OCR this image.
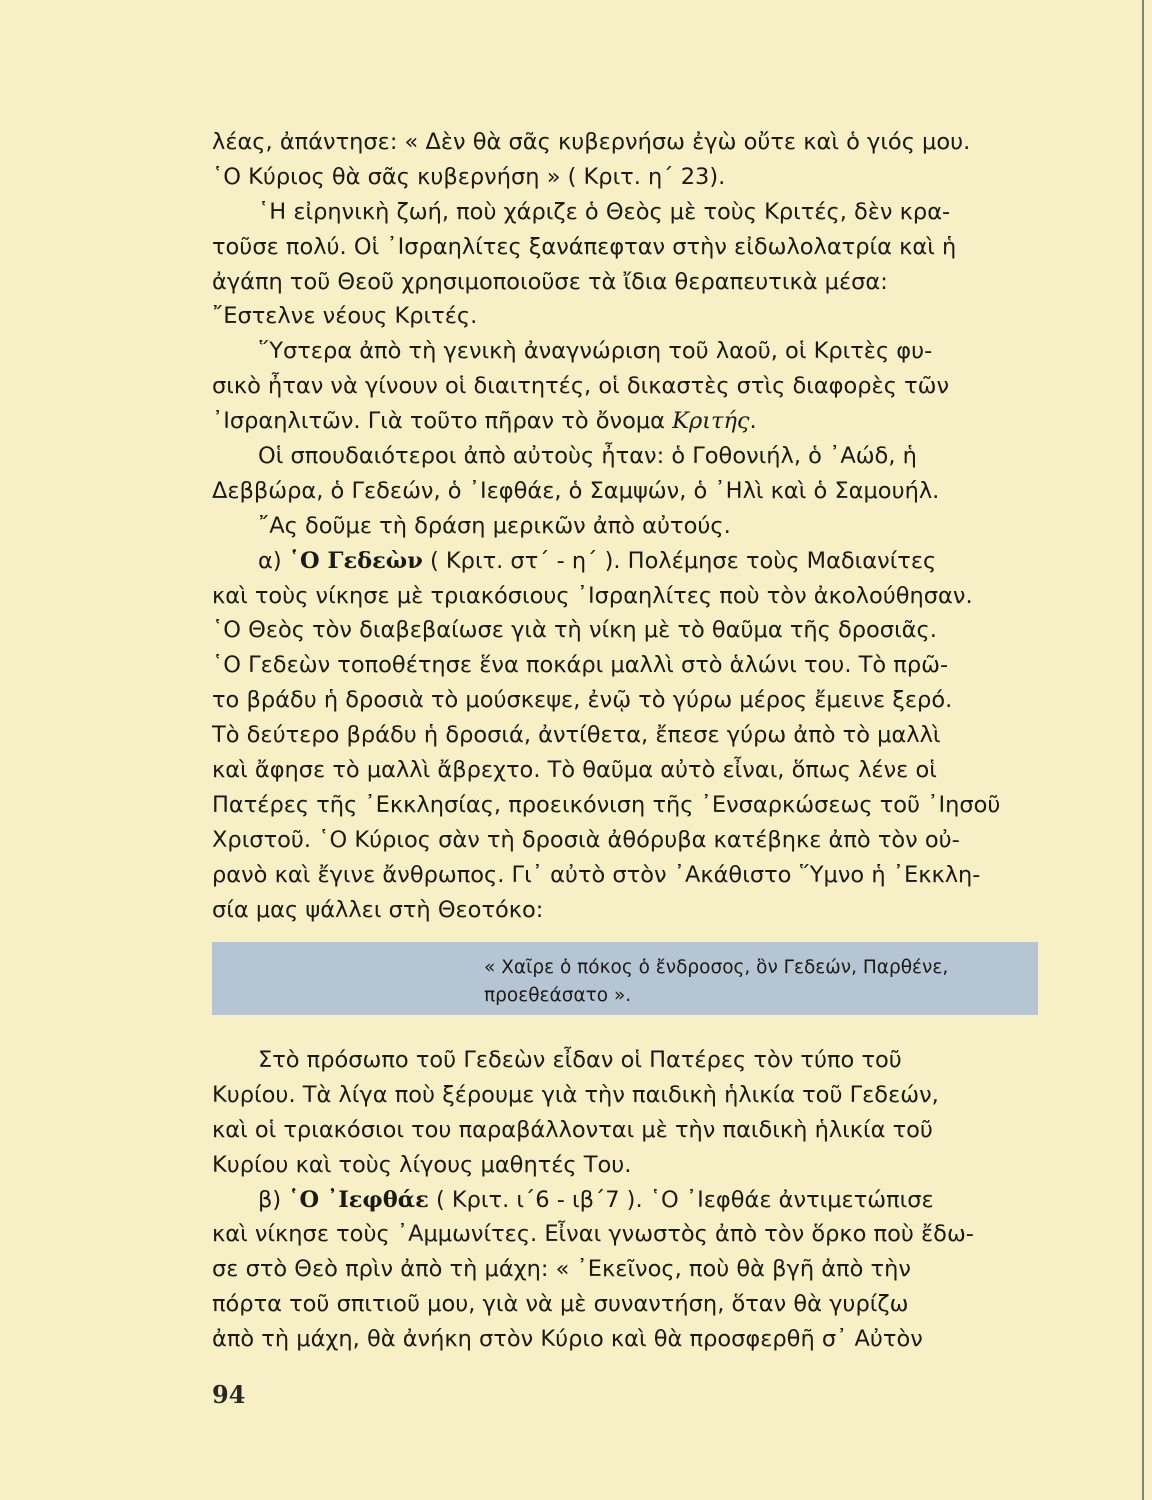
λέας, ἀπάντησε: « Δὲν θὰ σᾶς κυβερνήσω ἐγὼ οὔτε καὶ ὁ γιός μου.
῾Ο Κύριος θὰ σᾶς κυβερνήση » ( Κριτ. η΄ 23).
῾Η εἰρηνικὴ ζωή, ποὺ χάριζε ὁ Θεὸς μὲ τοὺς Κριτές, δὲν κρα-
τοῦσε πολύ. Οἱ ᾿Ισραηλίτες ξανάπεφταν στὴν εἰδωλολατρία καὶ ἡ
ἀγάπη τοῦ Θεοῦ χρησιμοποιοῦσε τὰ ἴδια θεραπευτικὰ μέσα:
῎Εστελνε νέους Κριτές.
῞Υστερα ἀπὸ τὴ γενικὴ ἀναγνώριση τοῦ λαοῦ, οἱ Κριτὲς φυ-
σικὸ ἦταν νὰ γίνουν οἱ διαιτητές, οἱ δικαστὲς στὶς διαφορὲς τῶν
᾿Ισραηλιτῶν. Γιὰ τοῦτο πῆραν τὸ ὄνομα Κριτής.
Οἱ σπουδαιότεροι ἀπὸ αὐτοὺς ἦταν: ὁ Γοθονιήλ, ὁ ᾿Αώδ, ἡ
Δεββώρα, ὁ Γεδεών, ὁ ᾿Ιεφθάε, ὁ Σαμψών, ὁ ᾿Ηλὶ καὶ ὁ Σαμουήλ.
῎Ας δοῦμε τὴ δράση μερικῶν ἀπὸ αὐτούς.
α) ῾Ο Γεδεὼν ( Κριτ. στ΄ - η΄ ). Πολέμησε τοὺς Μαδιανίτες
καὶ τοὺς νίκησε μὲ τριακόσιους ᾿Ισραηλίτες ποὺ τὸν ἀκολούθησαν.
῾Ο Θεὸς τὸν διαβεβαίωσε γιὰ τὴ νίκη μὲ τὸ θαῦμα τῆς δροσιᾶς.
῾Ο Γεδεὼν τοποθέτησε ἕνα ποκάρι μαλλὶ στὸ ἁλώνι του. Τὸ πρῶ-
το βράδυ ἡ δροσιὰ τὸ μούσκεψε, ἐνῷ τὸ γύρω μέρος ἔμεινε ξερό.
Τὸ δεύτερο βράδυ ἡ δροσιά, ἀντίθετα, ἔπεσε γύρω ἀπὸ τὸ μαλλὶ
καὶ ἄφησε τὸ μαλλὶ ἄβρεχτο. Τὸ θαῦμα αὐτὸ εἶναι, ὅπως λένε οἱ
Πατέρες τῆς ᾿Εκκλησίας, προεικόνιση τῆς ᾿Ενσαρκώσεως τοῦ ᾿Ιησοῦ
Χριστοῦ. ῾Ο Κύριος σὰν τὴ δροσιὰ ἀθόρυβα κατέβηκε ἀπὸ τὸν οὐ-
ρανὸ καὶ ἔγινε ἄνθρωπος. Γι᾿ αὐτὸ στὸν ᾿Ακάθιστο ῞Υμνο ἡ ᾿Εκκλη-
σία μας ψάλλει στὴ Θεοτόκο:
« Χαῖρε ὁ πόκος ὁ ἔνδροσος, ὃν Γεδεών, Παρθένε,
προεθεάσατο ».
Στὸ πρόσωπο τοῦ Γεδεὼν εἶδαν οἱ Πατέρες τὸν τύπο τοῦ
Κυρίου. Τὰ λίγα ποὺ ξέρουμε γιὰ τὴν παιδικὴ ἡλικία τοῦ Γεδεών,
καὶ οἱ τριακόσιοι του παραβάλλονται μὲ τὴν παιδικὴ ἡλικία τοῦ
Κυρίου καὶ τοὺς λίγους μαθητές Του.
β) ῾Ο ᾿Ιεφθάε ( Κριτ. ι΄6 - ιβ΄7 ). ῾Ο ᾿Ιεφθάε ἀντιμετώπισε
καὶ νίκησε τοὺς ᾿Αμμωνίτες. Εἶναι γνωστὸς ἀπὸ τὸν ὅρκο ποὺ ἔδω-
σε στὸ Θεὸ πρὶν ἀπὸ τὴ μάχη: « ᾿Εκεῖνος, ποὺ θὰ βγῆ ἀπὸ τὴν
πόρτα τοῦ σπιτιοῦ μου, γιὰ νὰ μὲ συναντήση, ὅταν θὰ γυρίζω
ἀπὸ τὴ μάχη, θὰ ἀνήκη στὸν Κύριο καὶ θὰ προσφερθῆ σ᾿ Αὐτὸν
94
